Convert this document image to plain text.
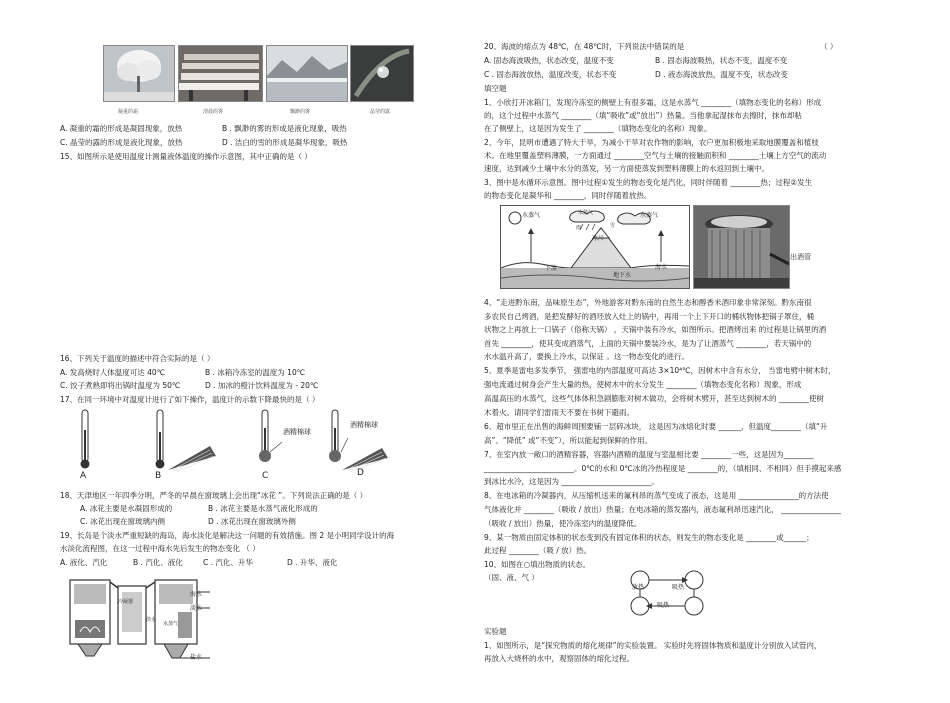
凝重的霜	清晨的雾	飘渺的雾	晶莹的露
A. 凝重的霜的形成是凝固现象，放热	B . 飘渺的雾的形成是液化现象，吸热
C. 晶莹的露的形成是液化现象，放热	D . 洁白的雪的形成是凝华现象，吸热
15、如图所示是使用温度计测量液体温度的操作示意图，其中正确的是（ ）
16、下列关于温度的描述中符合实际的是（ ）
A. 发高烧时人体温度可达 40℃	B . 冰箱冷冻室的温度为 10℃
C. 饺子煮熟即将出锅时温度为 50℃	D . 加冰的橙汁饮料温度为 - 20℃
17、在同一环境中对温度计进行了如下操作，温度计的示数下降最快的是（ ）
酒精棉球
酒精棉球
A	B	C	D
18、天津地区一年四季分明，严冬的早晨在窗玻璃上会出现“冰花 ”。下列说法正确的是（ ）
A. 冰花主要是水凝固形成的	B . 冰花主要是水蒸气液化形成的
C. 冰花出现在窗玻璃内侧	D . 冰花出现在窗玻璃外侧
19、长岛是个淡水严重短缺的海岛，海水淡化是解决这一问题的有效措施。图 2 是小明同学设计的海
水淡化流程图，在这一过程中海水先后发生的物态变化 （ ）
A. 液化、汽化	B . 汽化、液化	C . 汽化、升华	D . 升华、液化
海水
淡水
水蒸气
冷凝器
盐水
淡水
20、海波的熔点为 48℃，在 48℃时，下列说法中错误的是	（ ）
A. 固态海波吸热，状态改变，温度不变	B . 固态海波吸热，状态不变，温度不变
C . 固态海波放热，温度改变，状态不变	D . 液态海波放热，温度不变，状态改变
填空题
1、小欣打开冰箱门，发现冷冻室的侧壁上有很多霜，这是水蒸气 ________（填物态变化的名称）形成
的，这个过程中水蒸气 ________（填“吸收”或“放出”）热量。当他拿起湿抹布去擦时，抹布却粘
在了侧壁上，这是因为发生了 ________（填物态变化的名称）现象。
2、今年，昆明市遭遇了特大干旱，为减小干旱对农作物的影响，农户更加积极地采取地膜覆盖和植枝
术。在地里覆盖塑料薄膜，一方面通过 ________空气与土壤的接触面积和 ________土壤上方空气的流动
速度，达到减少土壤中水分的蒸发，另一方面使蒸发到塑料薄膜上的水返回到土壤中。
3、图中是水循环示意图。图中过程①发生的物态变化是汽化，同时伴随着 ________热；过程②发生
的物态变化是凝华和 ________，同时伴随着放热。
水蒸气	水蒸气	水蒸气
冰川
海水
下渗
地下水
雨	雪
出酒管
4、“走进黔东南，品味原生态”，外地游客对黔东南的自然生态和醇香米酒印象非常深刻。黔东南很
多农民自己烤酒，是把发酵好的酒坯放入灶上的锅中，再用一个上下开口的桶状物体把锅子罩住，桶
状物之上再放上一口锅子（俗称天锅） ，天锅中装有冷水，如图所示。把酒烤出来 的过程是让锅里的酒
首先 ________，使其变成酒蒸气，上面的天锅中要装冷水，是为了让酒蒸气 ________，若天锅中的
水水温升高了，要换上冷水，以保证 。这一物态变化的进行。
5、夏季是雷电多发季节， 强雷电的内部温度可高达 3×10⁴℃，因树木中含有水分， 当雷电劈中树木时，
强电流通过树身会产生大量的热，使树木中的水分发生 ________（填物态变化名称）现象，形成
高温高压的水蒸气，这些气体体积急剧膨胀对树木做功，会将树木劈开，甚至达到树木的 ________使树
木着火。请同学们雷雨天不要在书树下避雨。
6、超市里正在出售的海鲜周围要铺一层碎冰块， 这是因为冰熔化时要 ______，但温度________（填“升
高”、“降低” 或“不变”），所以能起到保鲜的作用。
7、在室内放一敞口的酒精容器，容器内酒精的温度与室温相比要 ________一些，这是因为________
________________________。0℃的水和 0℃冰的冷热程度是 ________的，（填相同、不相同）但手摸起来感
到冰比水冷，这是因为 ________________________。
8、在电冰箱的冷凝器内，从压缩机送来的氟利昂的蒸气变成了液态，这是用 ________________的方法使
气体液化并 ________（吸收 / 放出）热量；在电冰箱的蒸发器内，液态氟利昂迅速汽化， ________________
（吸收 / 放出）热量，使冷冻室内的温度降低。
9、某一物质由固定体积的状态变到没有固定体积的状态，则发生的物态变化是 ________或______；
此过程 ________（吸 / 放）热。
10、如图在○填出物质的状态。
（固、液、气 ）
放热	吸热
吸热
实验题
1、如图所示，是“探究物质的熔化规律”的实验装置。 实验时先将固体物质和温度计分别放入试管内，
再放入大烧杯的水中，观察固体的熔化过程。
